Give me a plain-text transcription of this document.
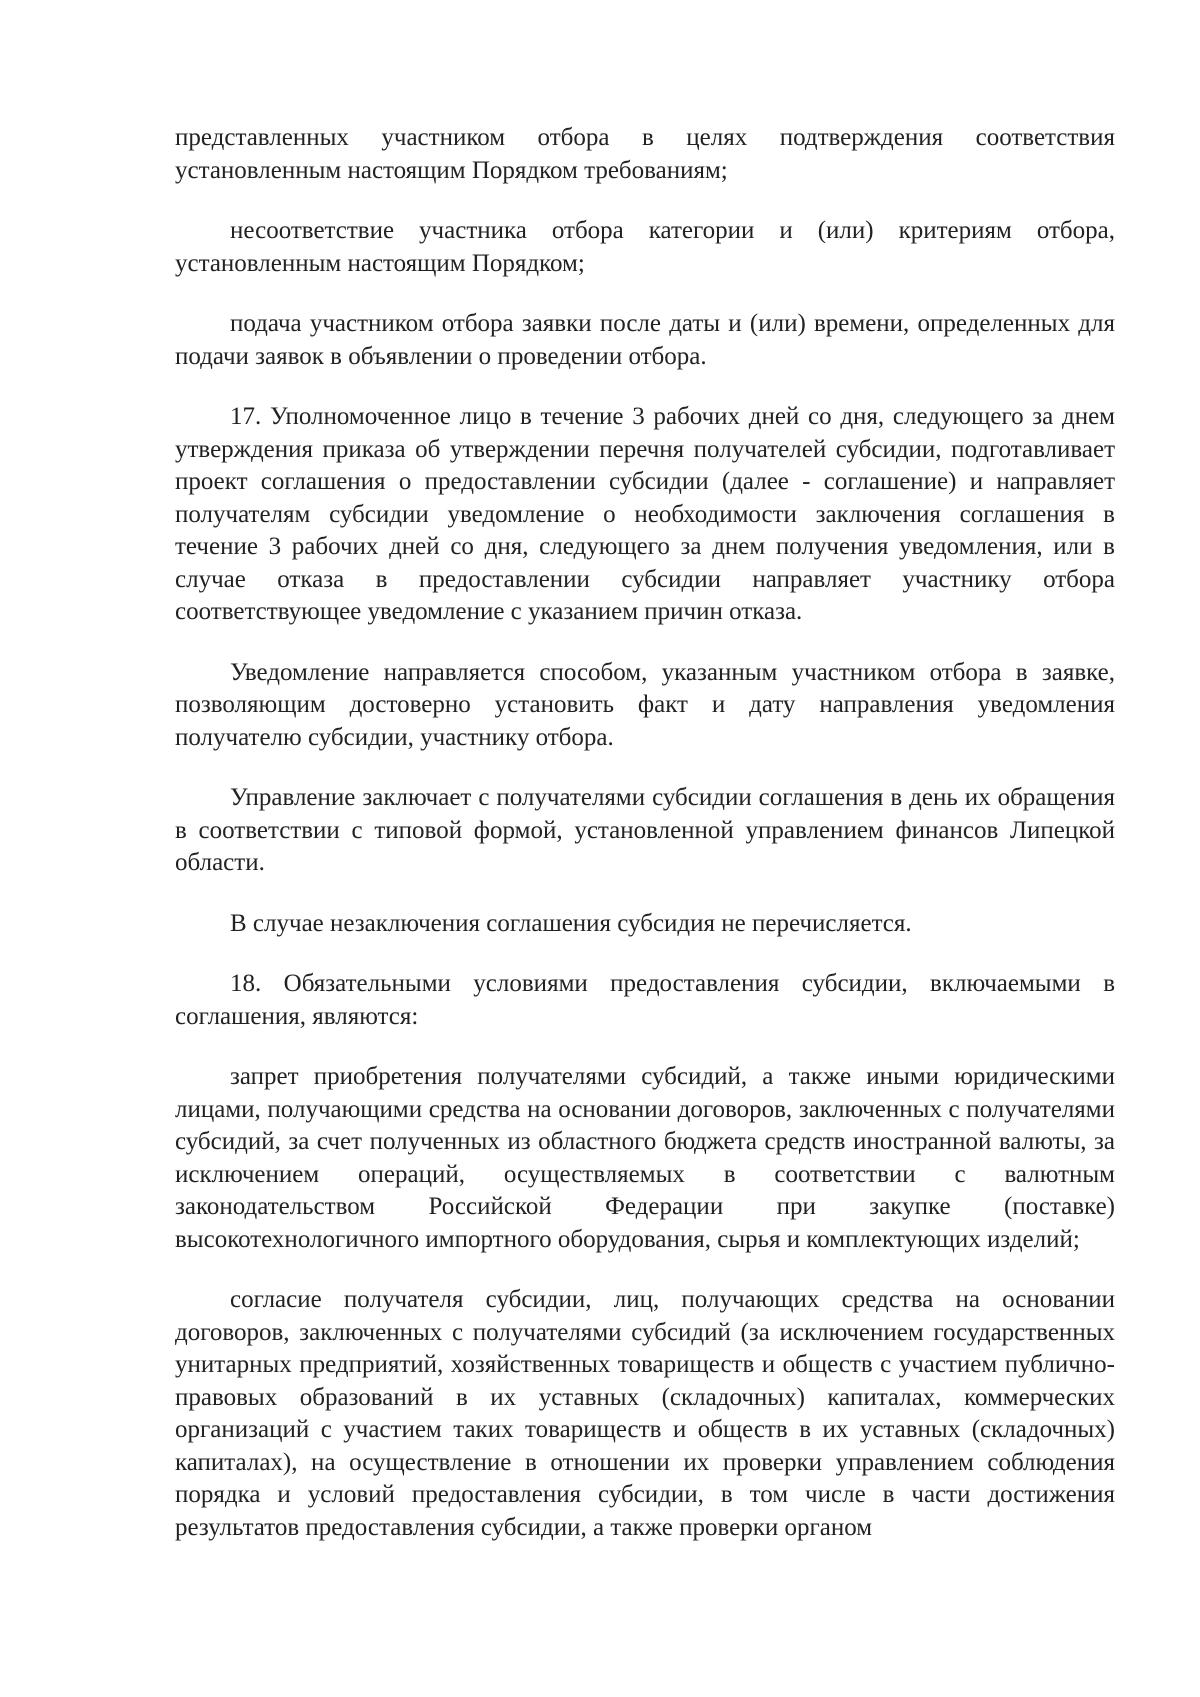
представленных участником отбора в целях подтверждения соответствия установленным настоящим Порядком требованиям;

несоответствие участника отбора категории и (или) критериям отбора, установленным настоящим Порядком;

подача участником отбора заявки после даты и (или) времени, определенных для подачи заявок в объявлении о проведении отбора.

17. Уполномоченное лицо в течение 3 рабочих дней со дня, следующего за днем утверждения приказа об утверждении перечня получателей субсидии, подготавливает проект соглашения о предоставлении субсидии (далее - соглашение) и направляет получателям субсидии уведомление о необходимости заключения соглашения в течение 3 рабочих дней со дня, следующего за днем получения уведомления, или в случае отказа в предоставлении субсидии направляет участнику отбора соответствующее уведомление с указанием причин отказа.

Уведомление направляется способом, указанным участником отбора в заявке, позволяющим достоверно установить факт и дату направления уведомления получателю субсидии, участнику отбора.

Управление заключает с получателями субсидии соглашения в день их обращения в соответствии с типовой формой, установленной управлением финансов Липецкой области.

В случае незаключения соглашения субсидия не перечисляется.

18. Обязательными условиями предоставления субсидии, включаемыми в соглашения, являются:

запрет приобретения получателями субсидий, а также иными юридическими лицами, получающими средства на основании договоров, заключенных с получателями субсидий, за счет полученных из областного бюджета средств иностранной валюты, за исключением операций, осуществляемых в соответствии с валютным законодательством Российской Федерации при закупке (поставке) высокотехнологичного импортного оборудования, сырья и комплектующих изделий;

согласие получателя субсидии, лиц, получающих средства на основании договоров, заключенных с получателями субсидий (за исключением государственных унитарных предприятий, хозяйственных товариществ и обществ с участием публично-правовых образований в их уставных (складочных) капиталах, коммерческих организаций с участием таких товариществ и обществ в их уставных (складочных) капиталах), на осуществление в отношении их проверки управлением соблюдения порядка и условий предоставления субсидии, в том числе в части достижения результатов предоставления субсидии, а также проверки органом
